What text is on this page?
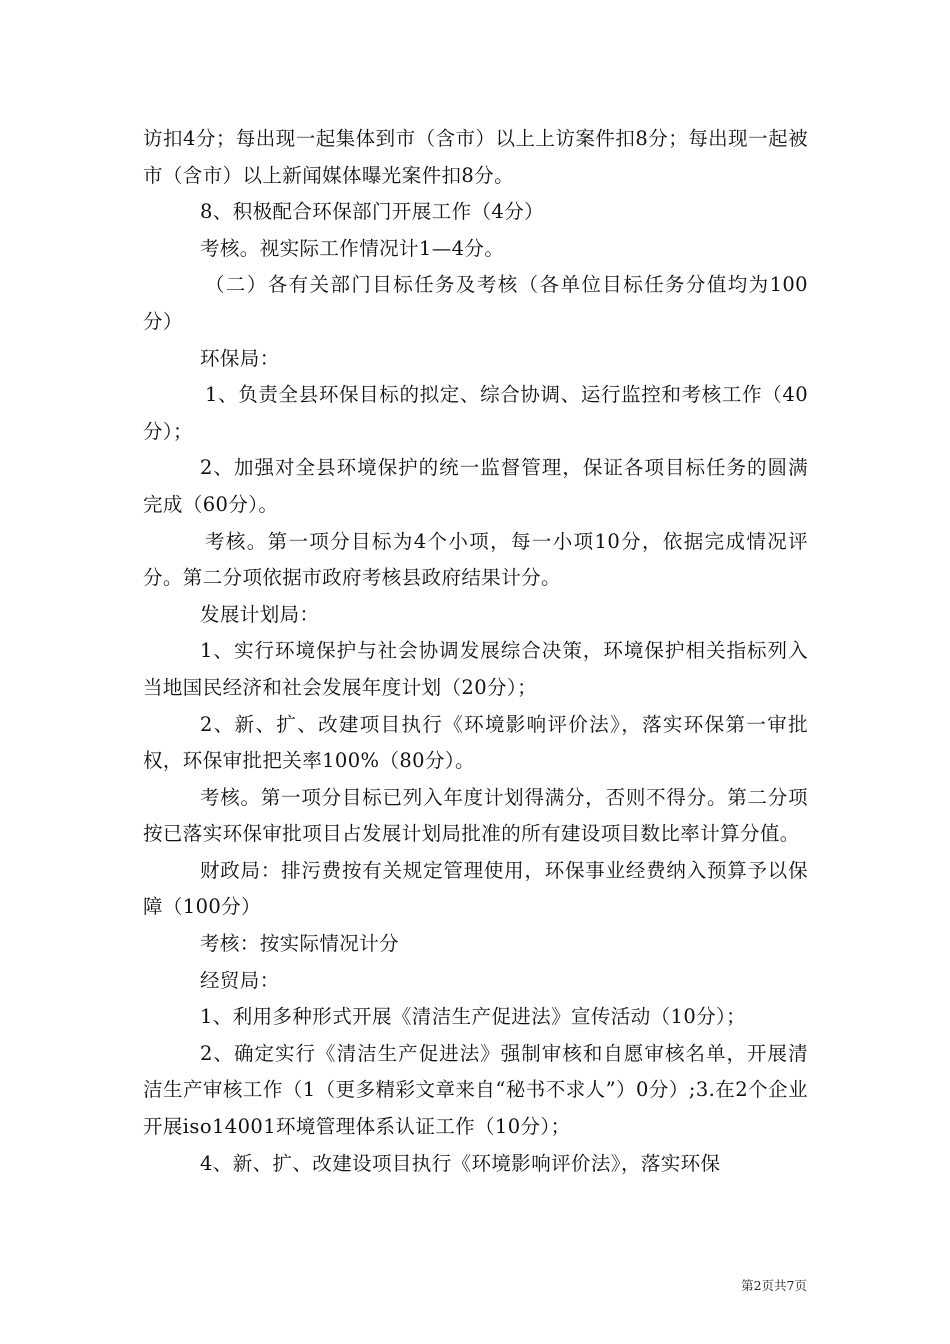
访扣4分；每出现一起集体到市（含市）以上上访案件扣8分；每出现一起被市（含市）以上新闻媒体曝光案件扣8分。

8、积极配合环保部门开展工作（4分）

考核。视实际工作情况计1—4分。

（二）各有关部门目标任务及考核（各单位目标任务分值均为100分）

环保局：

1、负责全县环保目标的拟定、综合协调、运行监控和考核工作（40分）；

2、加强对全县环境保护的统一监督管理，保证各项目标任务的圆满完成（60分）。

考核。第一项分目标为4个小项，每一小项10分，依据完成情况评分。第二分项依据市政府考核县政府结果计分。

发展计划局：

1、实行环境保护与社会协调发展综合决策，环境保护相关指标列入当地国民经济和社会发展年度计划（20分）；

2、新、扩、改建项目执行《环境影响评价法》，落实环保第一审批权，环保审批把关率100%（80分）。

考核。第一项分目标已列入年度计划得满分，否则不得分。第二分项按已落实环保审批项目占发展计划局批准的所有建设项目数比率计算分值。

财政局：排污费按有关规定管理使用，环保事业经费纳入预算予以保障（100分）

考核：按实际情况计分

经贸局：

1、利用多种形式开展《清洁生产促进法》宣传活动（10分）；

2、确定实行《清洁生产促进法》强制审核和自愿审核名单，开展清洁生产审核工作（1（更多精彩文章来自“秘书不求人”）0分）;3.在2个企业开展iso14001环境管理体系认证工作（10分）；

4、新、扩、改建设项目执行《环境影响评价法》，落实环保

第2页共7页
